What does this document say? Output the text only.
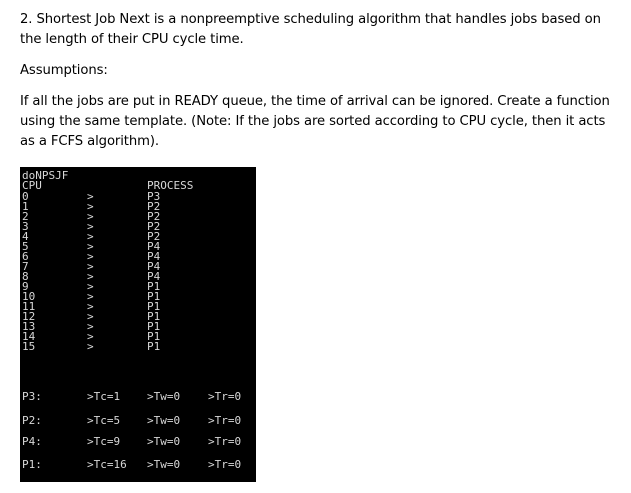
2. Shortest Job Next is a nonpreemptive scheduling algorithm that handles jobs based on the length of their CPU cycle time.

Assumptions:

If all the jobs are put in READY queue, the time of arrival can be ignored. Create a function using the same template. (Note: If the jobs are sorted according to CPU cycle, then it acts as a FCFS algorithm).

doNPSJF

CPU

	PROCESS

0	>	P3
1	>	P2
2	>	P2
3	>	P2
4	>	P2
5	>	P4
6	>	P4
7	>	P4
8	>	P4
9	>	P1
10	>	P1
11	>	P1
12	>	P1
13	>	P1
14	>	P1
15	>	P1
P3:	>Tc=1 >Tw=0	>Tr=0
P2:	>Tc=5 >Tw=0	>Tr=0
P4:	>Tc=9 >Tw=0	>Tr=0
P1:	>Tc=16 >Tw=0	>Tr=0
